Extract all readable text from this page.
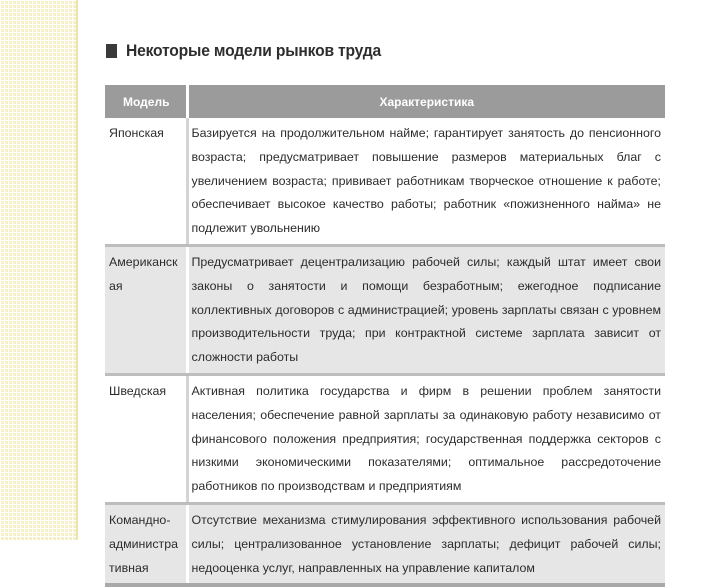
Некоторые модели рынков труда
Модель	Характеристика
Японская	Базируется на продолжительном найме; гарантирует занятость до пенсионного возраста; предусматривает повышение размеров материальных благ с увеличением возраста; прививает работникам творческое отношение к работе; обеспечивает высокое качество работы; работник «пожизненного найма» не подлежит увольнению
Американская	Предусматривает децентрализацию рабочей силы; каждый штат имеет свои законы о занятости и помощи безработным; ежегодное подписание коллективных договоров с администрацией; уровень зарплаты связан с уровнем производительности труда; при контрактной системе зарплата зависит от сложности работы
Шведская	Активная политика государства и фирм в решении проблем занятости населения; обеспечение равной зарплаты за одинаковую работу независимо от финансового положения предприятия; государственная поддержка секторов с низкими экономическими показателями; оптимальное рассредоточение работников по производствам и предприятиям
Командно-административная	Отсутствие механизма стимулирования эффективного использования рабочей силы; централизованное установление зарплаты; дефицит рабочей силы; недооценка услуг, направленных на управление капиталом
